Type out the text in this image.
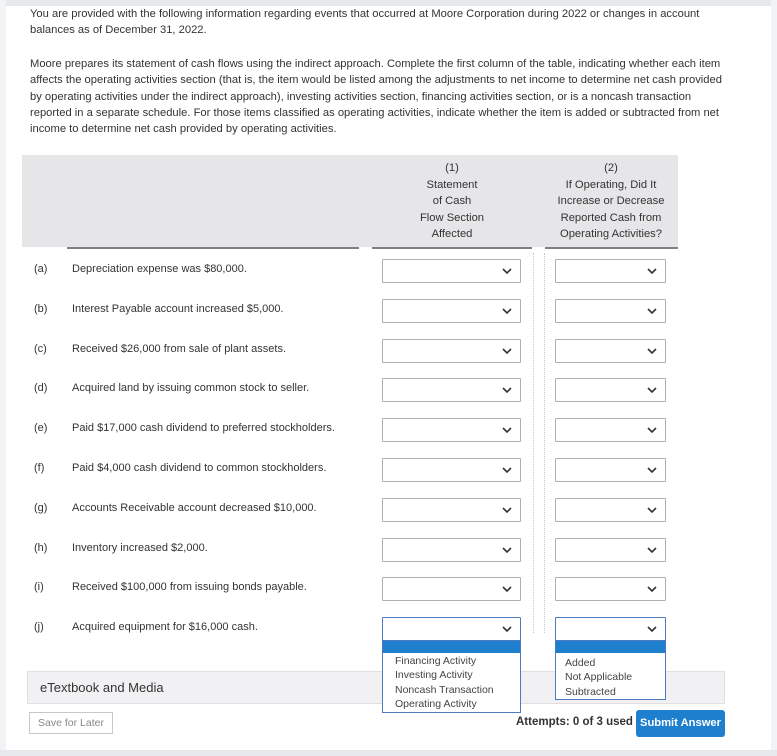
You are provided with the following information regarding events that occurred at Moore Corporation during 2022 or changes in account balances as of December 31, 2022.

Moore prepares its statement of cash flows using the indirect approach. Complete the first column of the table, indicating whether each item affects the operating activities section (that is, the item would be listed among the adjustments to net income to determine net cash provided by operating activities under the indirect approach), investing activities section, financing activities section, or is a noncash transaction reported in a separate schedule. For those items classified as operating activities, indicate whether the item is added or subtracted from net income to determine net cash provided by operating activities.

(1)
Statement
of Cash
Flow Section
Affected
(2)
If Operating, Did It
Increase or Decrease
Reported Cash from
Operating Activities?
(a) Depreciation expense was $80,000.
(b) Interest Payable account increased $5,000.
(c) Received $26,000 from sale of plant assets.
(d) Acquired land by issuing common stock to seller.
(e) Paid $17,000 cash dividend to preferred stockholders.
(f)	Paid $4,000 cash dividend to common stockholders.
(g) Accounts Receivable account decreased $10,000.
(h) Inventory increased $2,000.
(i)	Received $100,000 from issuing bonds payable.
(j)	Acquired equipment for $16,000 cash.
eTextbook and Media
Save for Later	Attempts: 0 of 3 used Submit Answer
Financing Activity
Investing Activity
Noncash Transaction
Operating Activity
Added
Not Applicable
Subtracted
